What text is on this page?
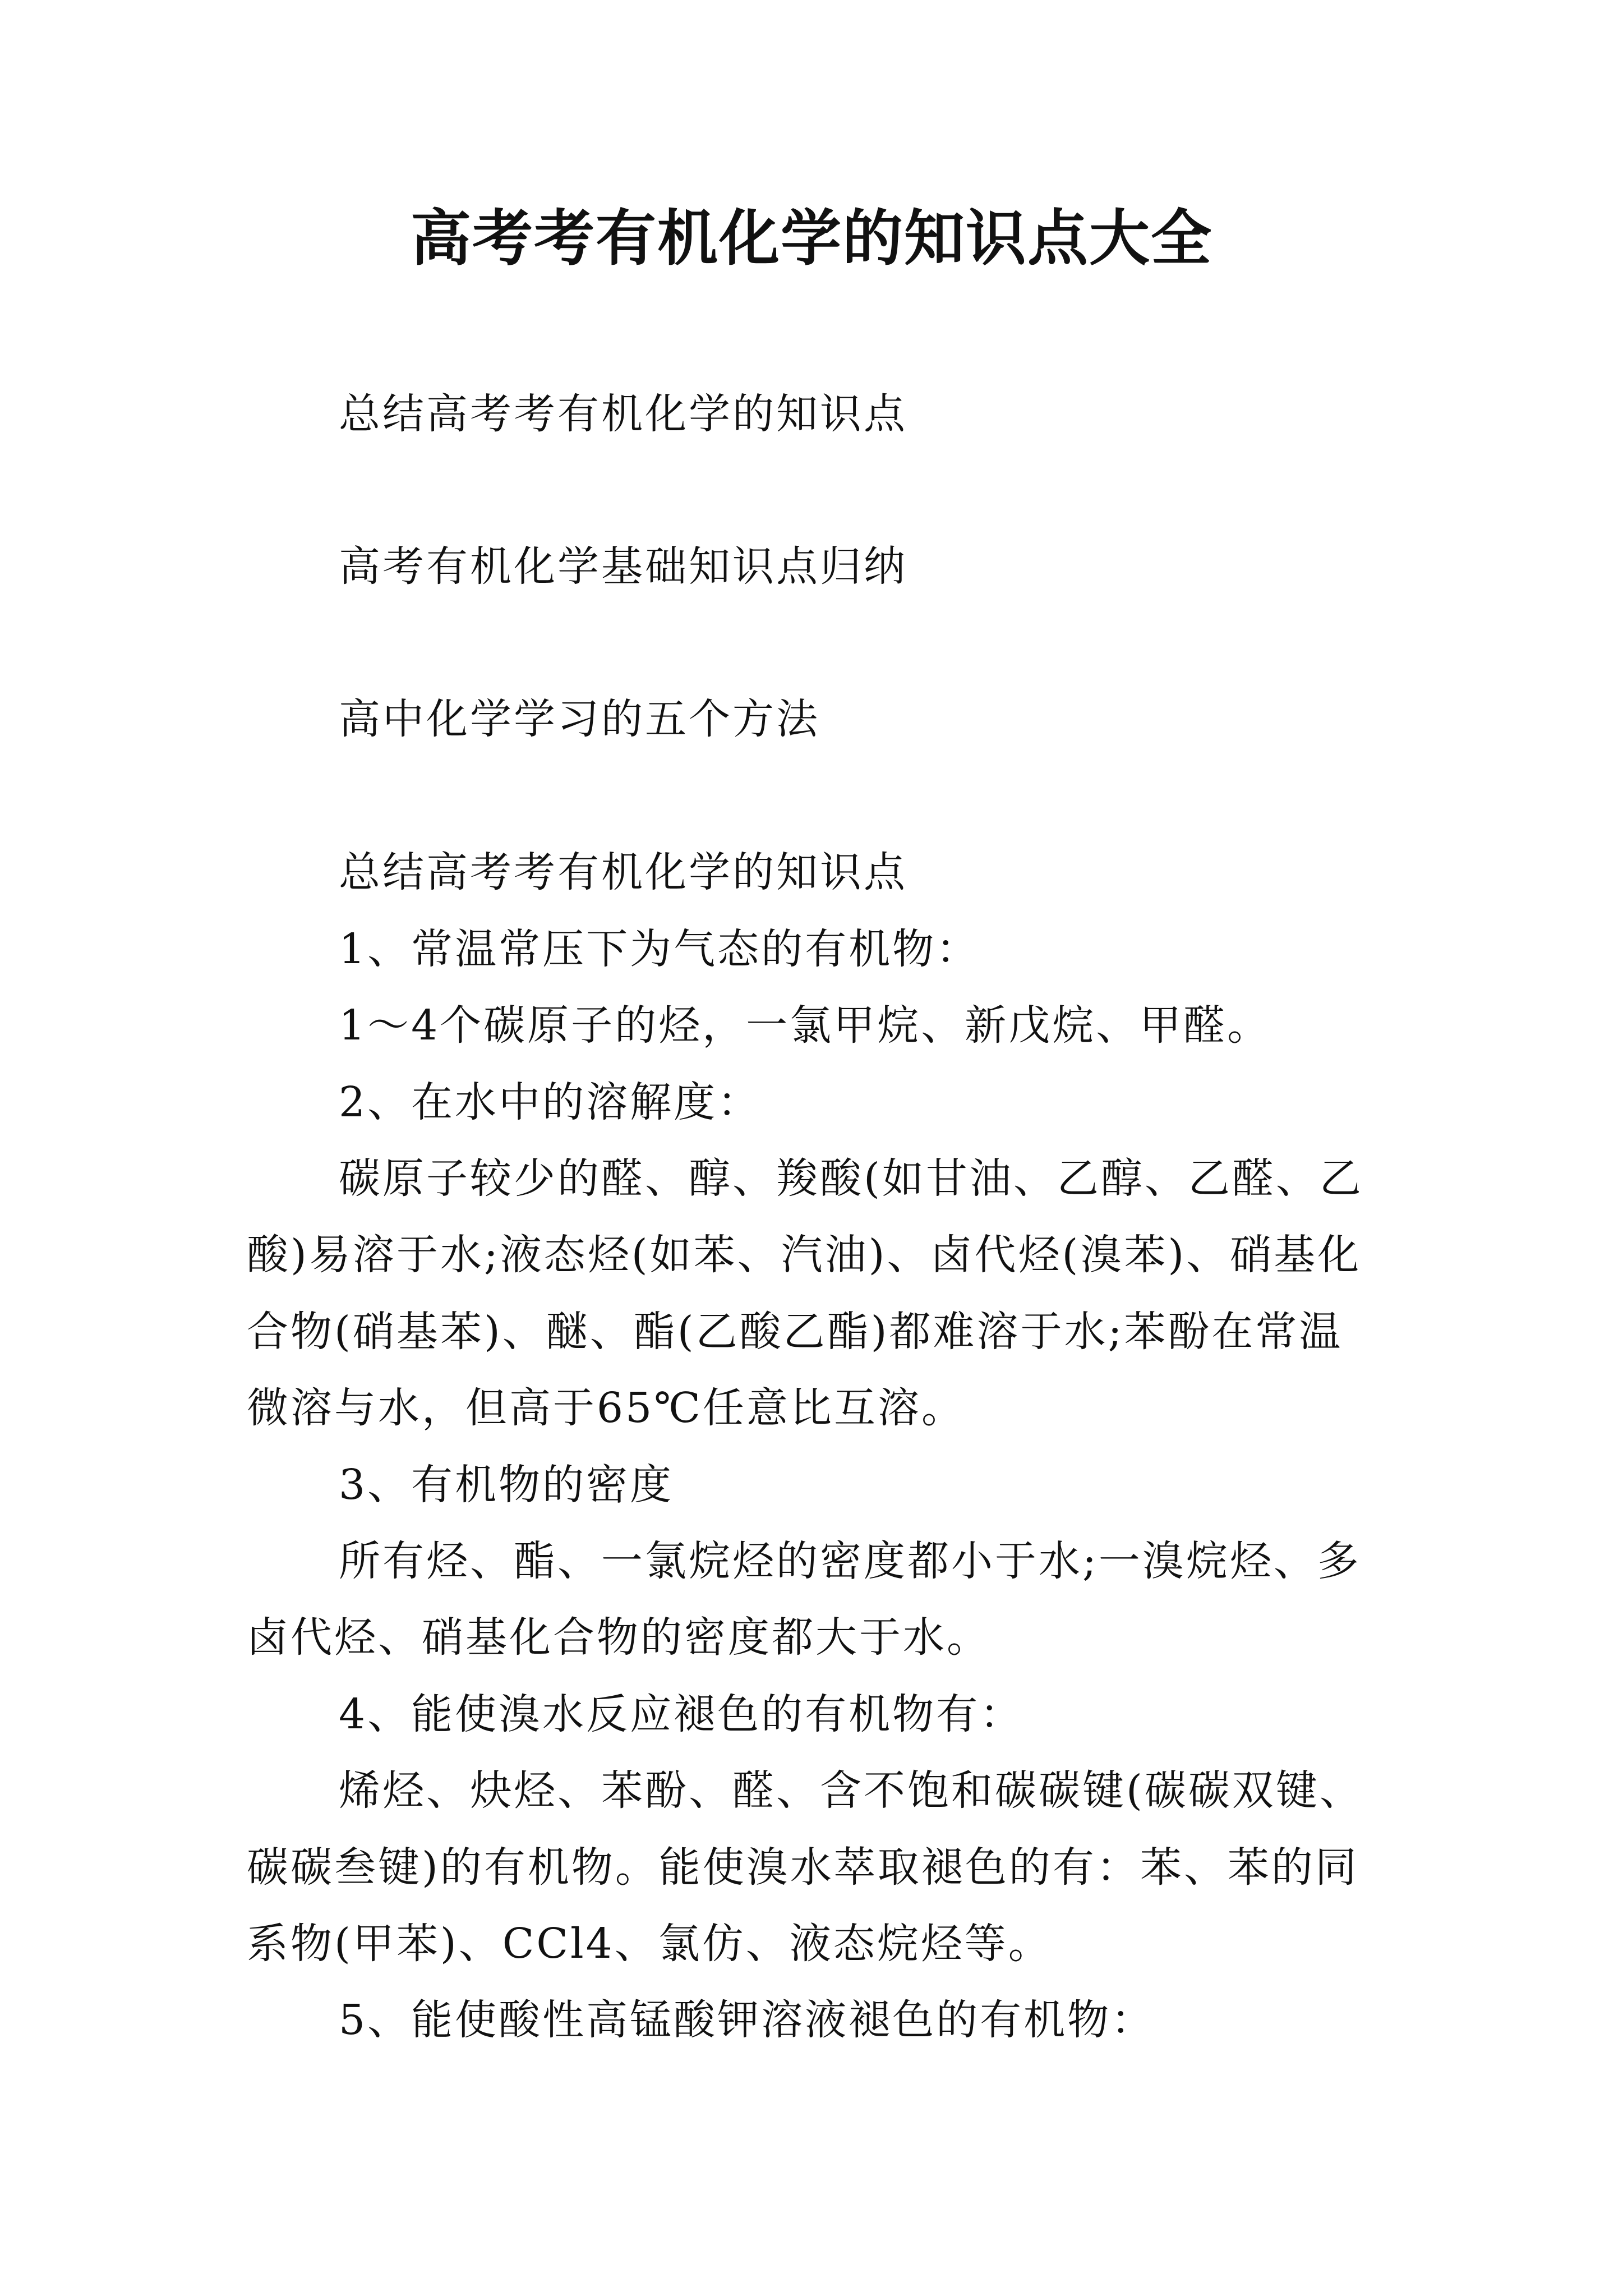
高考考有机化学的知识点大全
总结高考考有机化学的知识点
高考有机化学基础知识点归纳
高中化学学习的五个方法
总结高考考有机化学的知识点
1、常温常压下为气态的有机物：
1～4个碳原子的烃，一氯甲烷、新戊烷、甲醛。
2、在水中的溶解度：
碳原子较少的醛、醇、羧酸(如甘油、乙醇、乙醛、乙
酸)易溶于水;液态烃(如苯、汽油)、卤代烃(溴苯)、硝基化
合物(硝基苯)、醚、酯(乙酸乙酯)都难溶于水;苯酚在常温
微溶与水，但高于65℃任意比互溶。
3、有机物的密度
所有烃、酯、一氯烷烃的密度都小于水;一溴烷烃、多
卤代烃、硝基化合物的密度都大于水。
4、能使溴水反应褪色的有机物有：
烯烃、炔烃、苯酚、醛、含不饱和碳碳键(碳碳双键、
碳碳叁键)的有机物。能使溴水萃取褪色的有：苯、苯的同
系物(甲苯)、CCl4、氯仿、液态烷烃等。
5、能使酸性高锰酸钾溶液褪色的有机物：
